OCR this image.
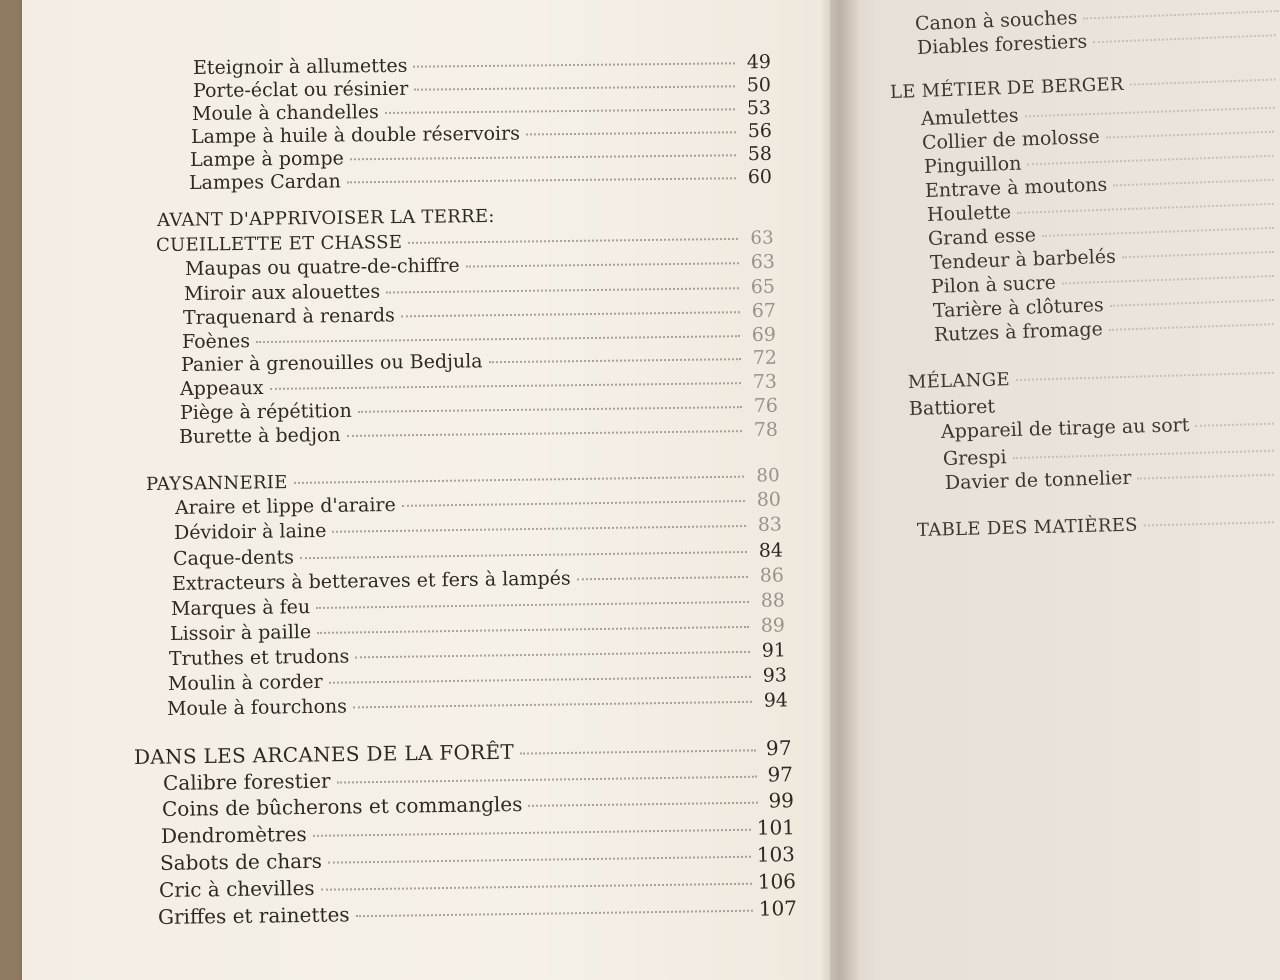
Eteignoir à allumettes	49
Porte-éclat ou résinier	50
Moule à chandelles	53
Lampe à huile à double réservoirs	56
Lampe à pompe	58
Lampes Cardan	60
AVANT D'APPRIVOISER LA TERRE:
CUEILLETTE ET CHASSE	63
Maupas ou quatre-de-chiffre	63
Miroir aux alouettes	65
Traquenard à renards	67
Foènes	69
Panier à grenouilles ou Bedjula	72
Appeaux	73
Piège à répétition	76
Burette à bedjon	78
PAYSANNERIE	80
Araire et lippe d'araire	80
Dévidoir à laine	83
Caque-dents	84
Extracteurs à betteraves et fers à lampés	86
Marques à feu	88
Lissoir à paille	89
Truthes et trudons	91
Moulin à corder	93
Moule à fourchons	94
DANS LES ARCANES DE LA FORÊT	97
Calibre forestier	97
Coins de bûcherons et commangles	99
Dendromètres	101
Sabots de chars	103
Cric à chevilles	106
Griffes et rainettes	107
Canon à souches
Diables forestiers
LE MÉTIER DE BERGER
Amulettes
Collier de molosse
Pinguillon
Entrave à moutons
Houlette
Grand esse
Tendeur à barbelés
Pilon à sucre
Tarière à clôtures
Rutzes à fromage
MÉLANGE
Battioret
Appareil de tirage au sort
Grespi
Davier de tonnelier
TABLE DES MATIÈRES
